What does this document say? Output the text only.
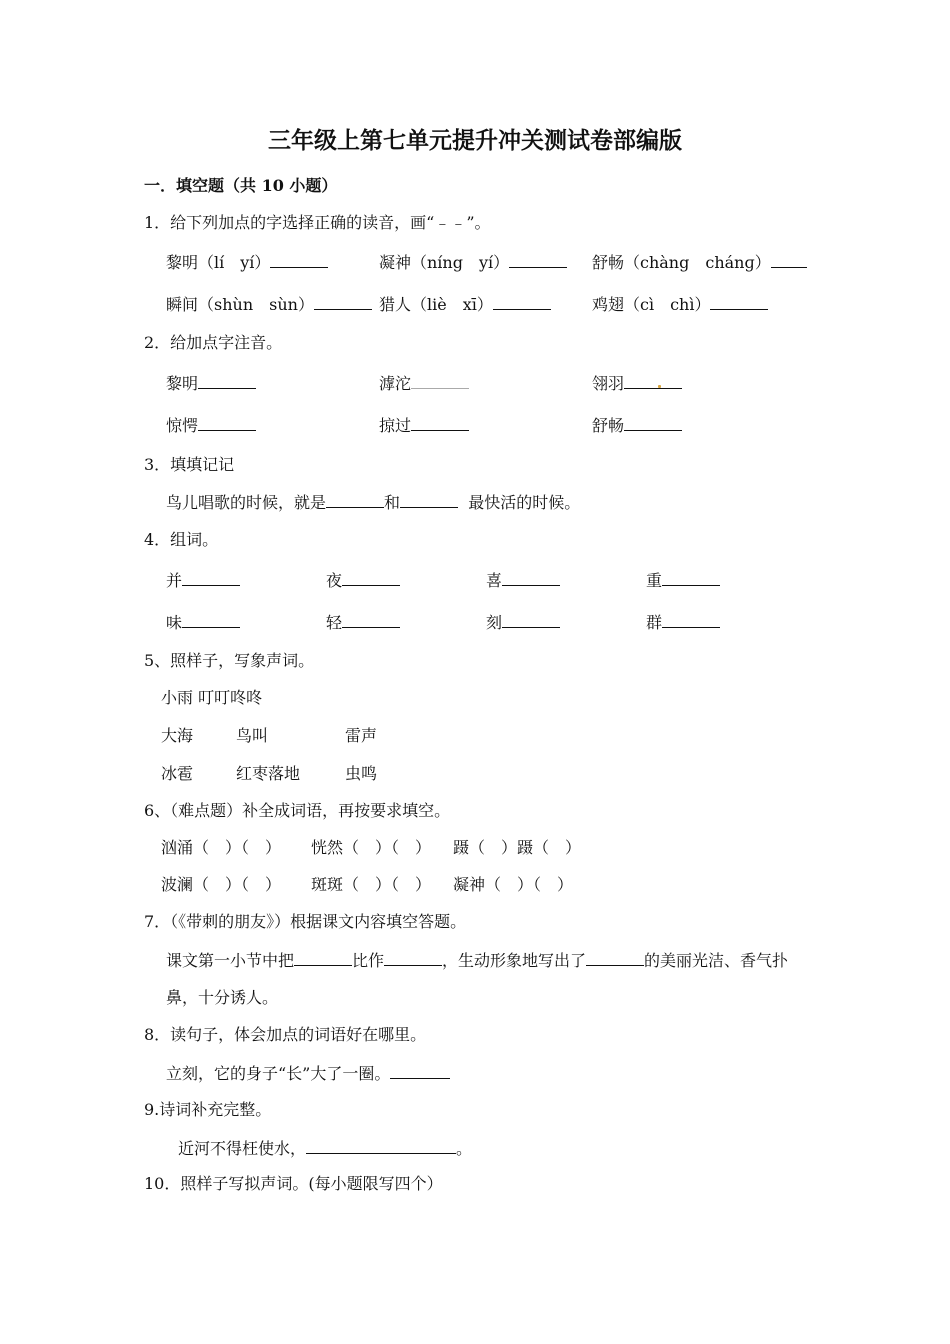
三年级上第七单元提升冲关测试卷部编版
一．填空题（共 10 小题）
1．给下列加点的字选择正确的读音，画“﹣﹣”。
黎明（lí　yí）	凝神（níng　yí）	舒畅（chàng　chánɡ）
瞬间（shùn　sùn）	猎人（liè　xī）	鸡翅（cì　chì）
2．给加点字注音。
黎明	滹沱	翎羽
惊愕	掠过	舒畅
3．填填记记
鸟儿唱歌的时候，就是	和	最快活的时候。
4．组词。
并	夜	喜	重
味	轻	刻	群
5、照样子，写象声词。
小雨 叮叮咚咚
大海	鸟叫	雷声
冰雹	红枣落地	虫鸣
6、（难点题）补全成词语，再按要求填空。
汹涌（　）（　） 恍然（　）（　） 蹑（　）蹑（　）
波澜（　）（　） 斑斑（　）（　） 凝神（　）（　）
7．（《带刺的朋友》）根据课文内容填空答题。
课文第一小节中把	比作	，生动形象地写出了	的美丽光洁、香气扑
鼻，十分诱人。
8．读句子，体会加点的词语好在哪里。
立刻，它的身子“长”大了一圈。
9.诗词补充完整。
近河不得枉使水，	。
10．照样子写拟声词。(每小题限写四个）
